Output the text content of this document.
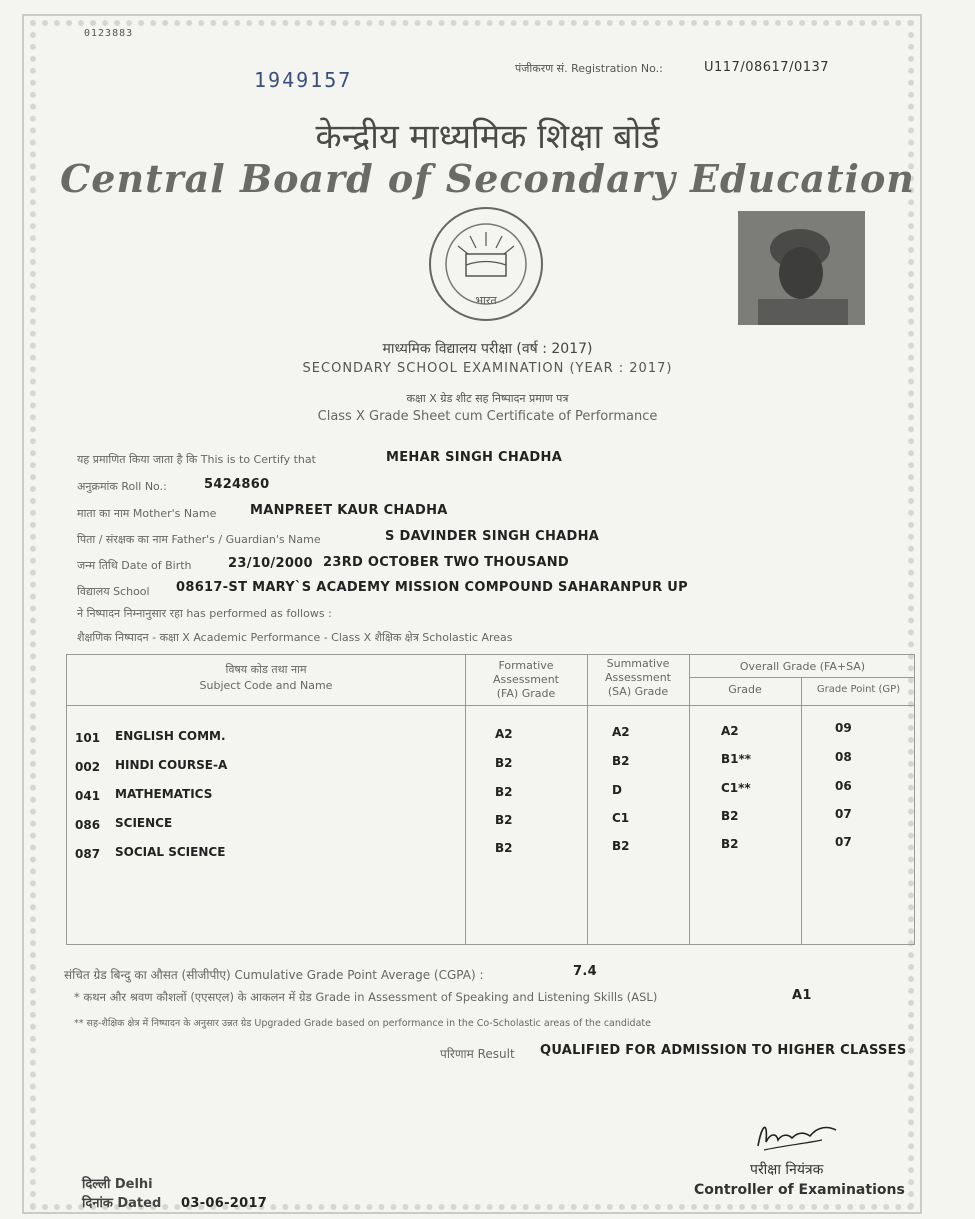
0123883
1949157	पंजीकरण सं. Registration No.:	U117/08617/0137
केन्द्रीय माध्यमिक शिक्षा बोर्ड
Central Board of Secondary Education
भारत
माध्यमिक विद्यालय परीक्षा (वर्ष : 2017)
SECONDARY SCHOOL EXAMINATION (YEAR : 2017)
कक्षा X ग्रेड शीट सह निष्पादन प्रमाण पत्र
Class X Grade Sheet cum Certificate of Performance
यह प्रमाणित किया जाता है कि This is to Certify that	MEHAR SINGH CHADHA
अनुक्रमांक Roll No.:	5424860
माता का नाम Mother's Name	MANPREET KAUR CHADHA
पिता / संरक्षक का नाम Father's / Guardian's Name	S DAVINDER SINGH CHADHA
जन्म तिथि Date of Birth	23/10/2000 23RD OCTOBER TWO THOUSAND
विद्यालय School 08617-ST MARY`S ACADEMY MISSION COMPOUND SAHARANPUR UP
ने निष्पादन निम्नानुसार रहा has performed as follows :
शैक्षणिक निष्पादन - कक्षा X Academic Performance - Class X शैक्षिक क्षेत्र Scholastic Areas
विषय कोड तथा नाम
Subject Code and Name
Formative
Assessment
(FA) Grade
Summative
Assessment
(SA) Grade
Overall Grade (FA+SA)
Grade	Grade Point (GP)
101 ENGLISH COMM.	A2	A2	A2	09
002 HINDI COURSE-A	B2	B2	B1**	08
041 MATHEMATICS	B2	D	C1**	06
086 SCIENCE	B2	C1	B2	07
087 SOCIAL SCIENCE	B2	B2	B2	07
संचित ग्रेड बिन्दु का औसत (सीजीपीए) Cumulative Grade Point Average (CGPA) :	7.4
* कथन और श्रवण कौशलों (एएसएल) के आकलन में ग्रेड Grade in Assessment of Speaking and Listening Skills (ASL)	A1
** सह-शैक्षिक क्षेत्र में निष्पादन के अनुसार उन्नत ग्रेड Upgraded Grade based on performance in the Co-Scholastic areas of the candidate
परिणाम Result QUALIFIED FOR ADMISSION TO HIGHER CLASSES
परीक्षा नियंत्रक
Controller of Examinations
दिल्ली Delhi
दिनांक Dated 03-06-2017
